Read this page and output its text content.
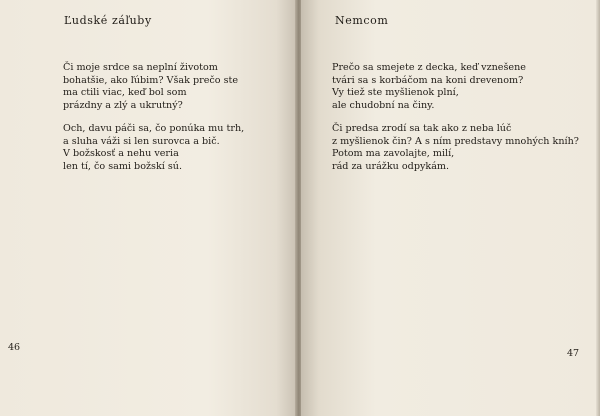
Ľudské záľuby
Či moje srdce sa neplní životom
bohatšie, ako ľúbim? Však prečo ste
ma ctili viac, keď bol som
prázdny a zlý a ukrutný?
Och, davu páči sa, čo ponúka mu trh,
a sluha váži si len surovca a bič.
V božskosť a nehu veria
len tí, čo sami božskí sú.
46
Nemcom
Prečo sa smejete z decka, keď vznešene
tvári sa s korbáčom na koni drevenom?
Vy tiež ste myšlienok plní,
ale chudobní na činy.
Či predsa zrodí sa tak ako z neba lúč
z myšlienok čin? A s ním predstavy mnohých kníh?
Potom ma zavolajte, milí,
rád za urážku odpykám.
47
